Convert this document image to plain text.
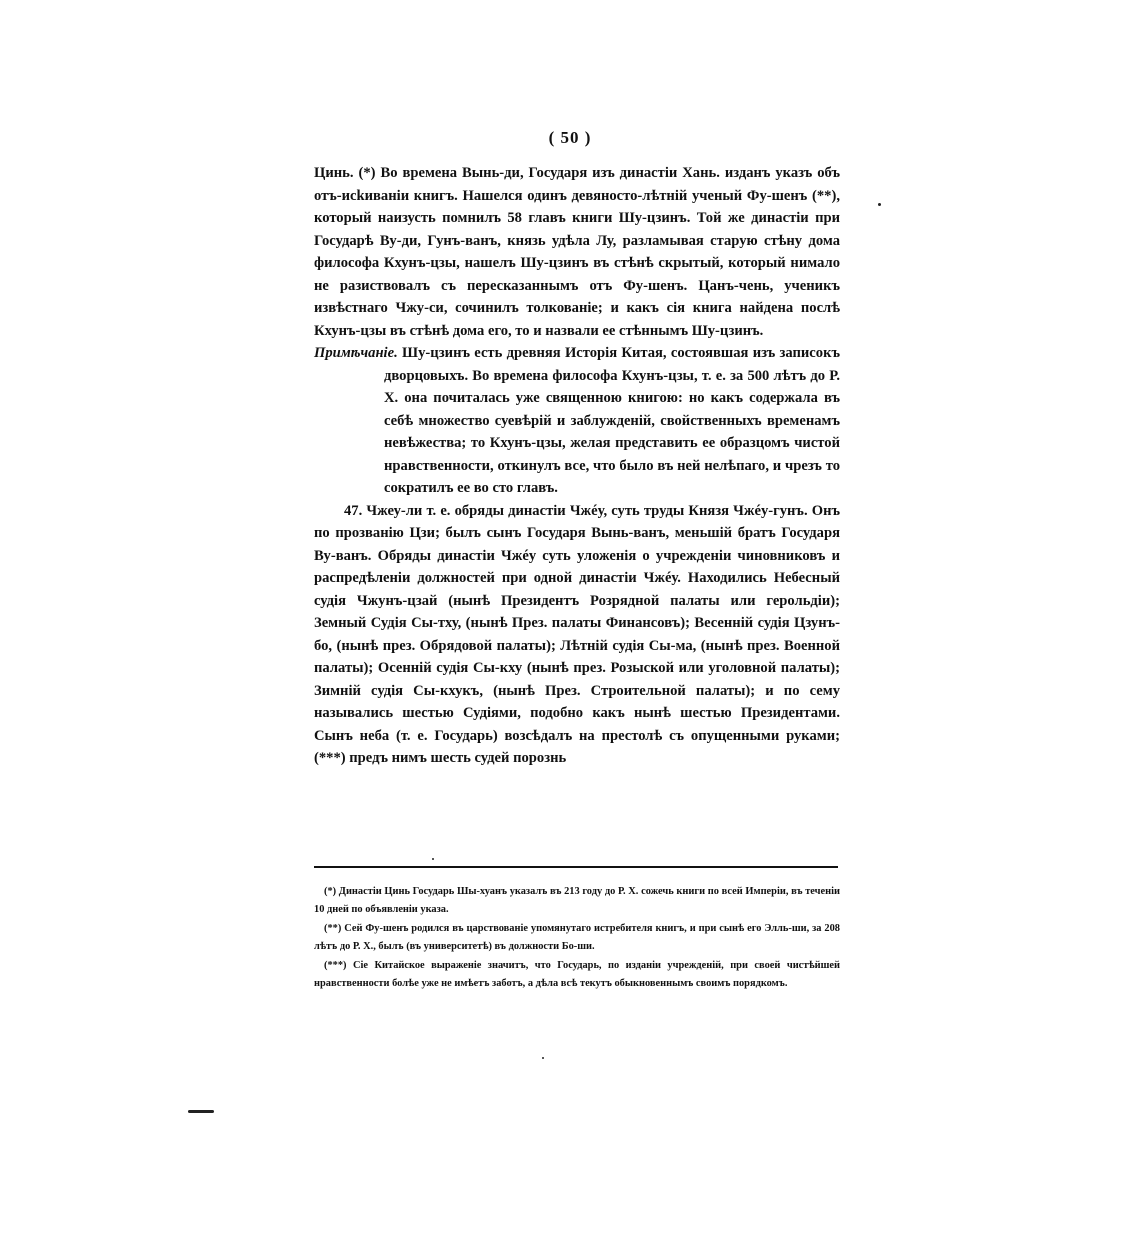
( 50 )

Цинь. (*) Во времена Вынь-ди, Государя изъ династіи Хань. изданъ указъ объ отъ-исkиваніи книгъ. Нашелся одинъ девяносто-лѣтній ученый Фу-шенъ (**), который наизусть помнилъ 58 главъ книги Шу-цзинъ. Той же династіи при Государѣ Ву-ди, Гунъ-ванъ, князь удѣла Лу, разламывая старую стѣну дома философа Кхунъ-цзы, нашелъ Шу-цзинъ въ стѣнѣ скрытый, который нимало не разиствовалъ съ пересказаннымъ отъ Фу-шенъ. Цанъ-чень, ученикъ извѣстнаго Чжу-си, сочинилъ толкованіе; и какъ сія книга найдена послѣ Кхунъ-цзы въ стѣнѣ дома его, то и назвали ее стѣннымъ Шу-цзинъ.

Примѣчаніе. Шу-цзинъ есть древняя Исторія Китая, состоявшая изъ записокъ дворцовыхъ. Во времена философа Кхунъ-цзы, т. е. за 500 лѣтъ до Р. Х. она почиталась уже священною книгою: но какъ содержала въ себѣ множество суевѣрій и заблужденій, свойственныхъ временамъ невѣжества; то Кхунъ-цзы, желая представить ее образцомъ чистой нравственности, откинулъ все, что было въ ней нелѣпаго, и чрезъ то сократилъ ее во сто главъ.

47. Чжеу-ли т. е. обряды династіи Чжéу, суть труды Князя Чжéу-гунъ. Онъ по прозванію Цзи; былъ сынъ Государя Вынь-ванъ, меньшій братъ Государя Ву-ванъ. Обряды династіи Чжéу суть уложенія о учрежденіи чиновниковъ и распредѣленіи должностей при одной династіи Чжéу. Находились Небесный судія Чжунъ-цзай (нынѣ Президентъ Розрядной палаты или герольдіи); Земный Судія Сы-тху, (нынѣ През. палаты Финансовъ); Весенній судія Цзунъ-бо, (нынѣ през. Обрядовой палаты); Лѣтній судія Сы-ма, (нынѣ през. Военной палаты); Осенній судія Сы-кху (нынѣ през. Розыской или уголовной палаты); Зимній судія Сы-кхукъ, (нынѣ През. Строительной палаты); и по сему назывались шестью Судіями, подобно какъ нынѣ шестью Президентами. Сынъ неба (т. е. Государь) возсѣдалъ на престолѣ съ опущенными руками; (***) предъ нимъ шесть судей порознь

(*) Династіи Цинь Государь Шы-хуанъ указалъ въ 213 году до Р. Х. сожечь книги по всей Имперіи, въ теченіи 10 дней по объявленіи указа.

(**) Сей Фу-шенъ родился въ царствованіе упомянутаго истребителя книгъ, и при сынѣ его Элль-ши, за 208 лѣтъ до Р. Х., былъ (въ университетѣ) въ должности Бо-ши.

(***) Сіе Китайское выраженіе значитъ, что Государь, по изданіи учрежденій, при своей чистѣйшей нравственности болѣе уже не имѣетъ заботъ, а дѣла всѣ текутъ обыкновеннымъ своимъ порядкомъ.
